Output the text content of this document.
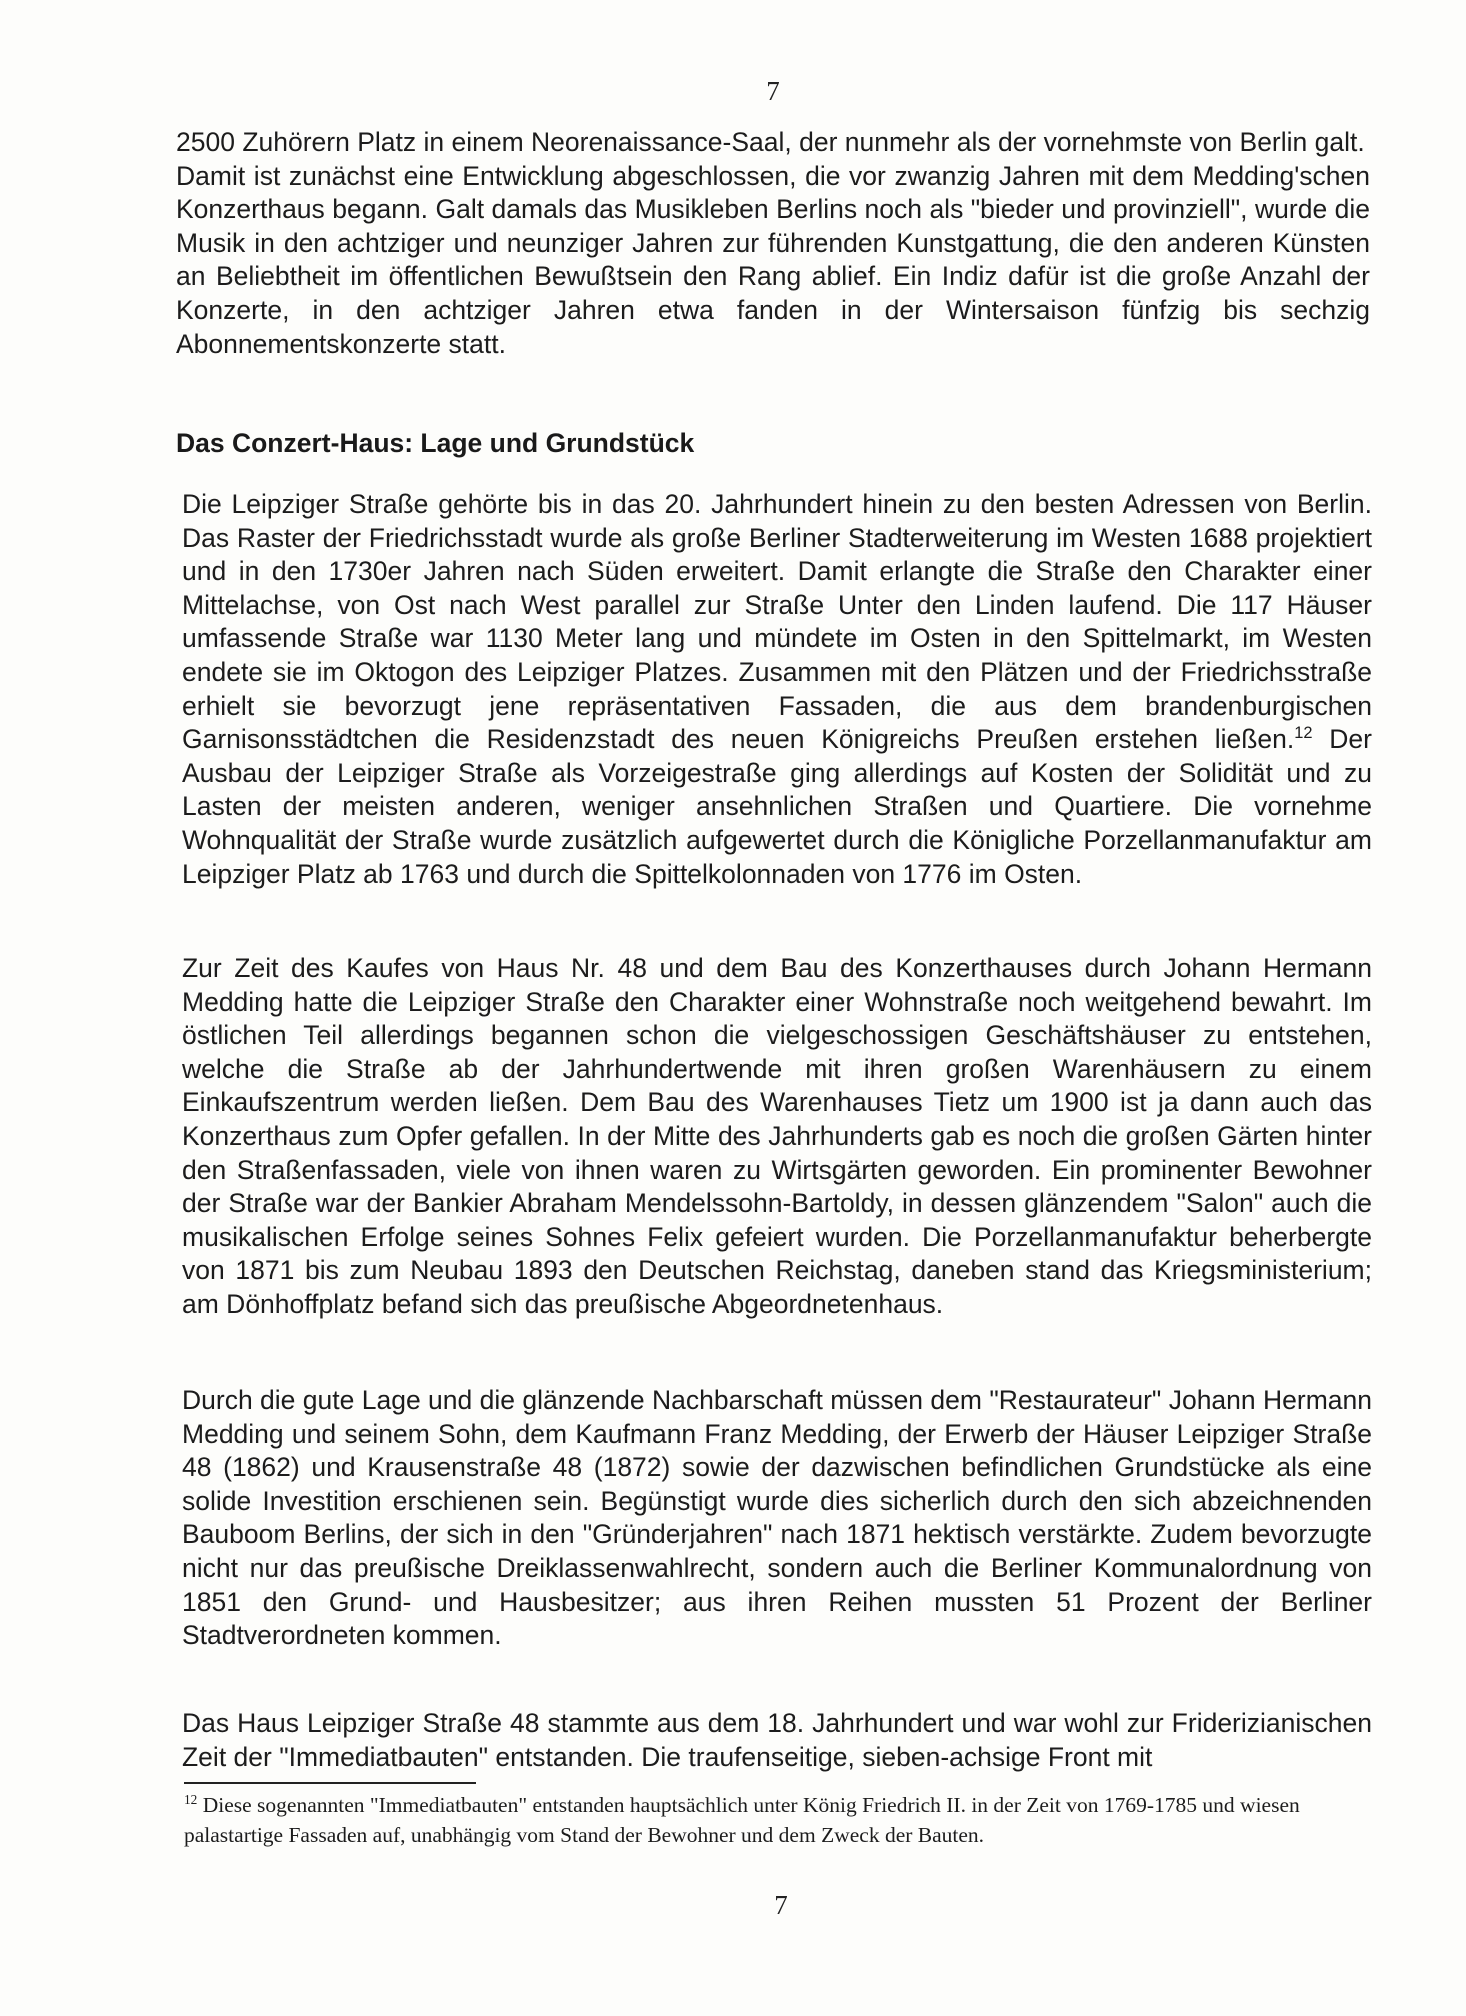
7

2500 Zuhörern Platz in einem Neorenaissance-Saal, der nunmehr als der vornehmste von Berlin galt.

Damit ist zunächst eine Entwicklung abgeschlossen, die vor zwanzig Jahren mit dem Medding'schen Konzerthaus begann. Galt damals das Musikleben Berlins noch als "bieder und provinziell", wurde die Musik in den achtziger und neunziger Jahren zur führenden Kunstgattung, die den anderen Künsten an Beliebtheit im öffentlichen Bewußtsein den Rang ablief. Ein Indiz dafür ist die große Anzahl der Konzerte, in den achtziger Jahren etwa fanden in der Wintersaison fünfzig bis sechzig Abonnementskonzerte statt.

Das Conzert-Haus: Lage und Grundstück

Die Leipziger Straße gehörte bis in das 20. Jahrhundert hinein zu den besten Adressen von Berlin. Das Raster der Friedrichsstadt wurde als große Berliner Stadterweiterung im Westen 1688 projektiert und in den 1730er Jahren nach Süden erweitert. Damit erlangte die Straße den Charakter einer Mittelachse, von Ost nach West parallel zur Straße Unter den Linden laufend. Die 117 Häuser umfassende Straße war 1130 Meter lang und mündete im Osten in den Spittelmarkt, im Westen endete sie im Oktogon des Leipziger Platzes. Zusammen mit den Plätzen und der Friedrichsstraße erhielt sie bevorzugt jene repräsentativen Fassaden, die aus dem brandenburgischen Garnisonsstädtchen die Residenzstadt des neuen Königreichs Preußen erstehen ließen.$^{12}$ Der Ausbau der Leipziger Straße als Vorzeigestraße ging allerdings auf Kosten der Solidität und zu Lasten der meisten anderen, weniger ansehnlichen Straßen und Quartiere. Die vornehme Wohnqualität der Straße wurde zusätzlich aufgewertet durch die Königliche Porzellanmanufaktur am Leipziger Platz ab 1763 und durch die Spittelkolonnaden von 1776 im Osten.

Zur Zeit des Kaufes von Haus Nr. 48 und dem Bau des Konzerthauses durch Johann Hermann Medding hatte die Leipziger Straße den Charakter einer Wohnstraße noch weitgehend bewahrt. Im östlichen Teil allerdings begannen schon die vielgeschossigen Geschäftshäuser zu entstehen, welche die Straße ab der Jahrhundertwende mit ihren großen Warenhäusern zu einem Einkaufszentrum werden ließen. Dem Bau des Warenhauses Tietz um 1900 ist ja dann auch das Konzerthaus zum Opfer gefallen. In der Mitte des Jahrhunderts gab es noch die großen Gärten hinter den Straßenfassaden, viele von ihnen waren zu Wirtsgärten geworden. Ein prominenter Bewohner der Straße war der Bankier Abraham Mendelssohn-Bartoldy, in dessen glänzendem "Salon" auch die musikalischen Erfolge seines Sohnes Felix gefeiert wurden. Die Porzellanmanufaktur beherbergte von 1871 bis zum Neubau 1893 den Deutschen Reichstag, daneben stand das Kriegsministerium; am Dönhoffplatz befand sich das preußische Abgeordnetenhaus.

Durch die gute Lage und die glänzende Nachbarschaft müssen dem "Restaurateur" Johann Hermann Medding und seinem Sohn, dem Kaufmann Franz Medding, der Erwerb der Häuser Leipziger Straße 48 (1862) und Krausenstraße 48 (1872) sowie der dazwischen befindlichen Grundstücke als eine solide Investition erschienen sein. Begünstigt wurde dies sicherlich durch den sich abzeichnenden Bauboom Berlins, der sich in den "Gründerjahren" nach 1871 hektisch verstärkte. Zudem bevorzugte nicht nur das preußische Dreiklassenwahlrecht, sondern auch die Berliner Kommunalordnung von 1851 den Grund- und Hausbesitzer; aus ihren Reihen mussten 51 Prozent der Berliner Stadtverordneten kommen.

Das Haus Leipziger Straße 48 stammte aus dem 18. Jahrhundert und war wohl zur Friderizianischen Zeit der "Immediatbauten" entstanden. Die traufenseitige, sieben-achsige Front mit

$^{12}$ Diese sogenannten "Immediatbauten" entstanden hauptsächlich unter König Friedrich II. in der Zeit von 1769-1785 und wiesen palastartige Fassaden auf, unabhängig vom Stand der Bewohner und dem Zweck der Bauten.
7
